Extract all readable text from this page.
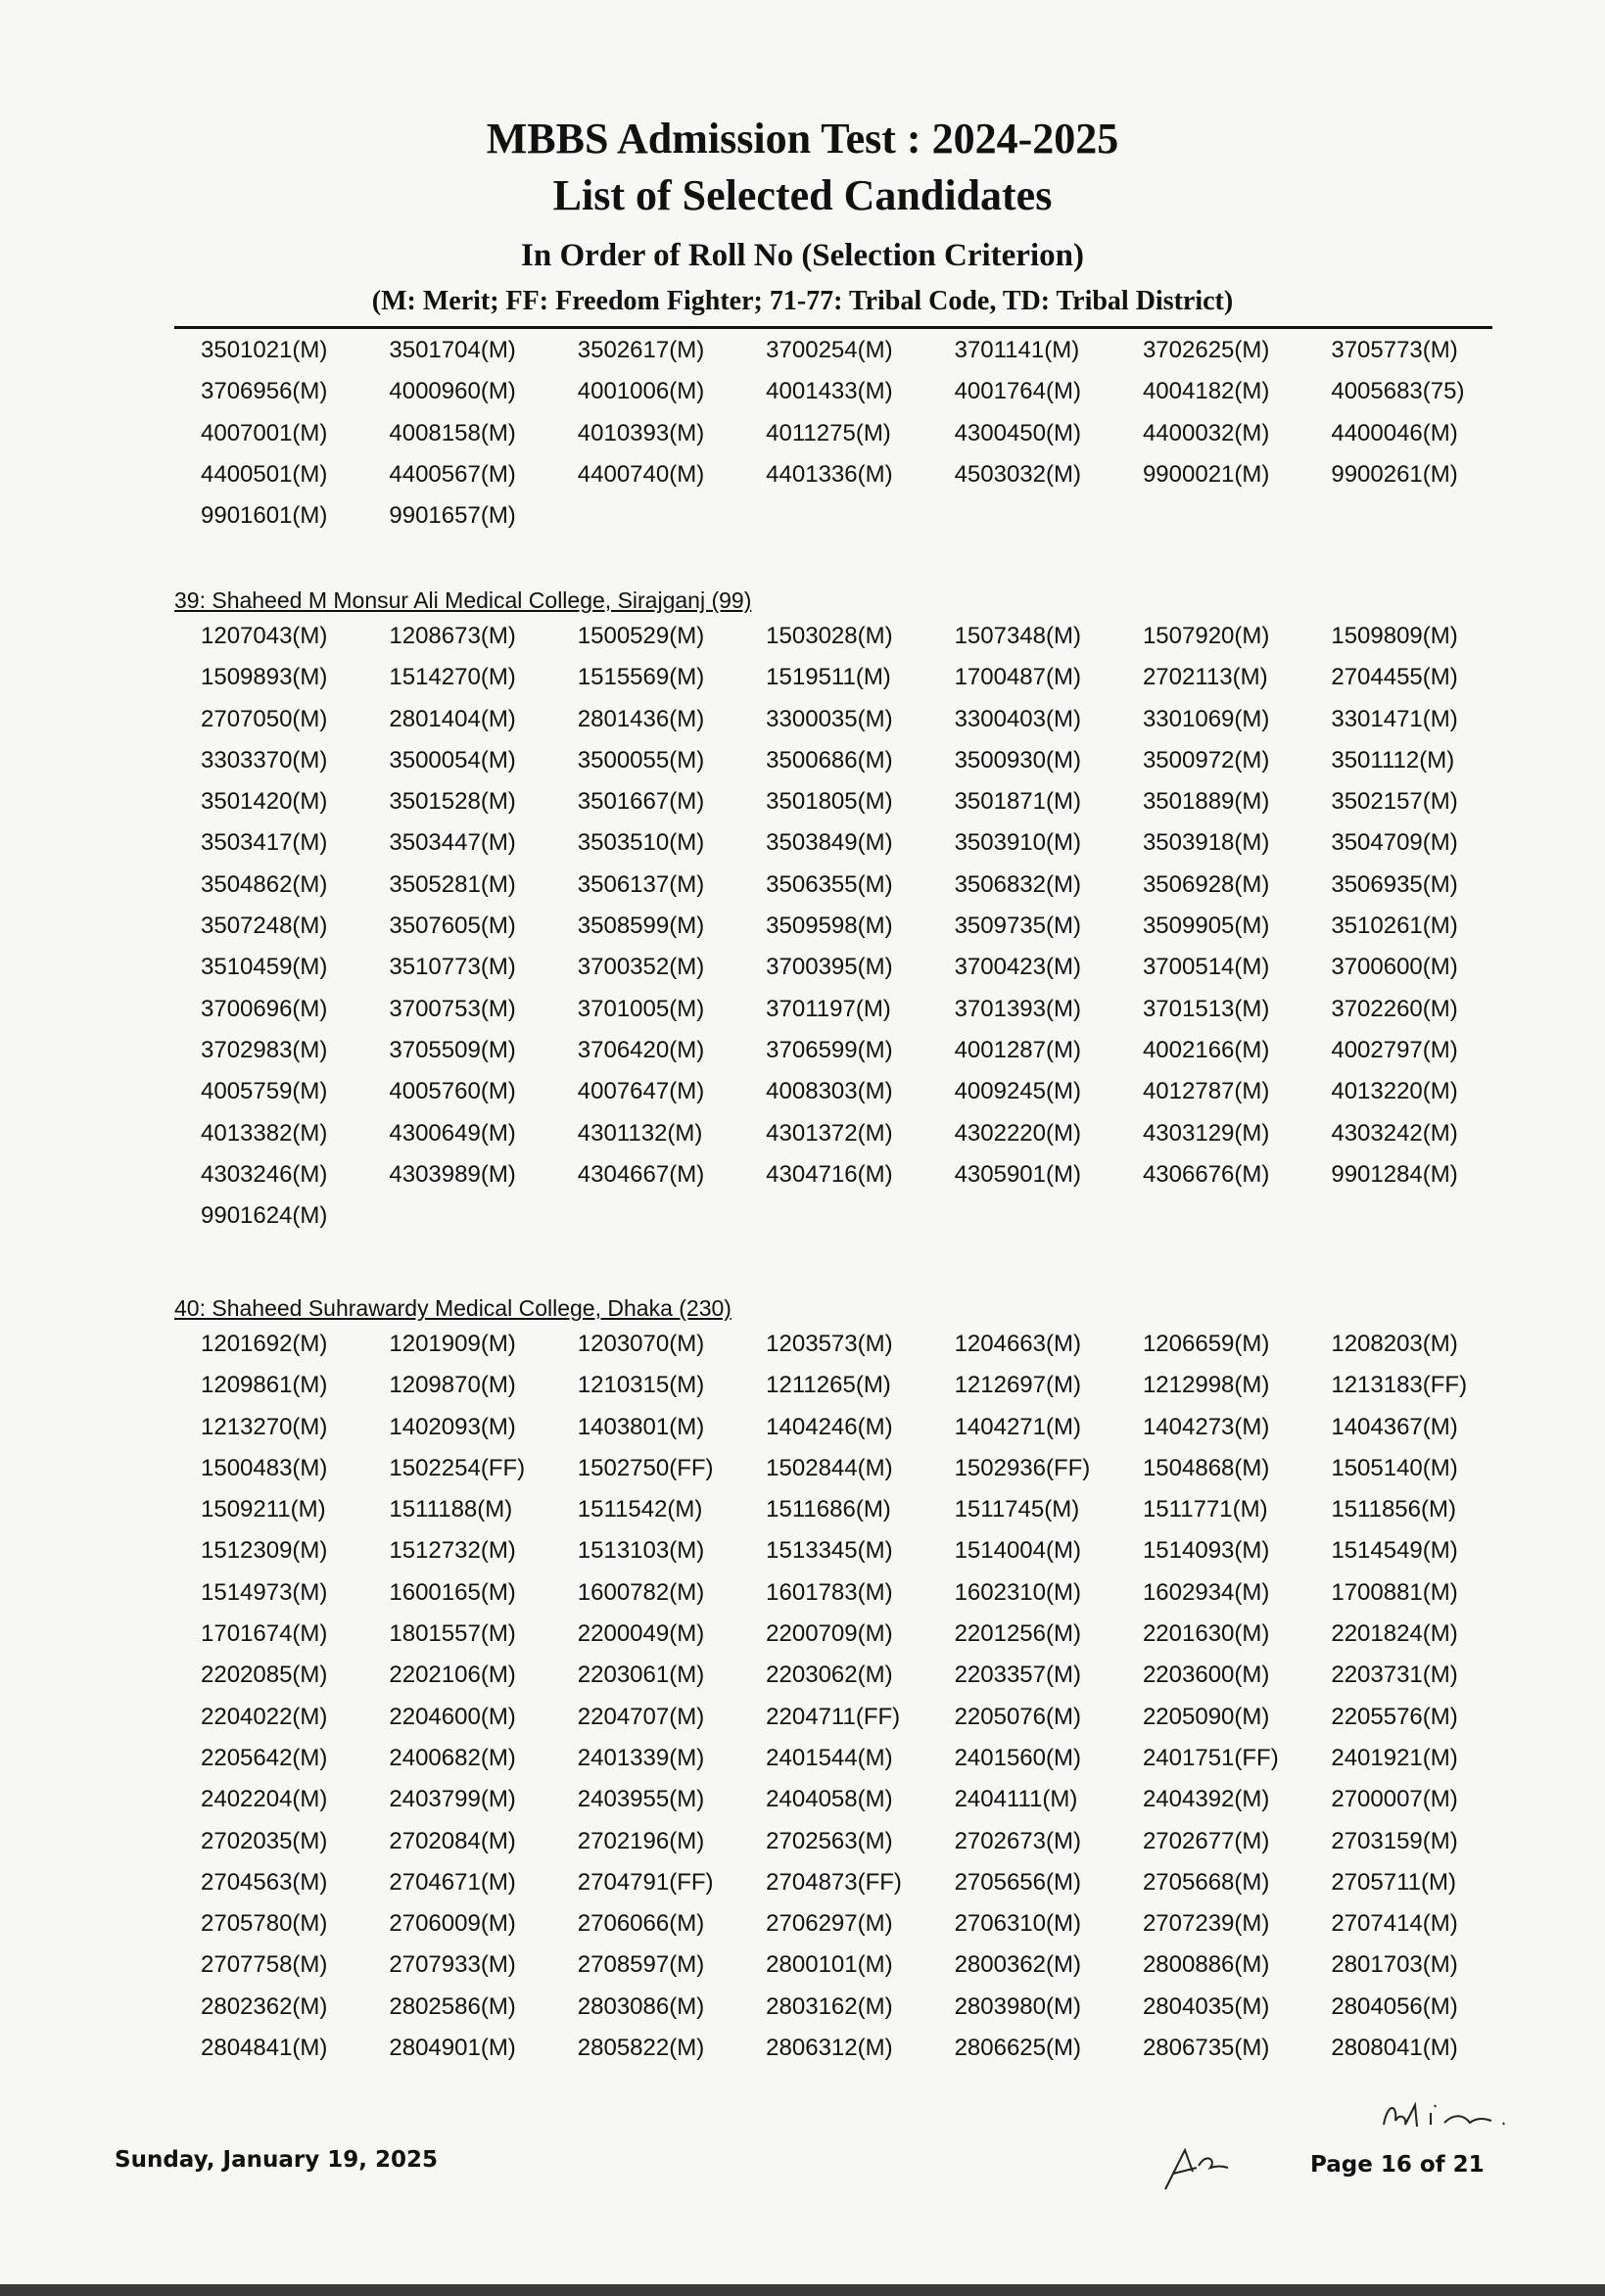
MBBS Admission Test : 2024-2025
List of Selected Candidates
In Order of Roll No (Selection Criterion)
(M: Merit; FF: Freedom Fighter; 71-77: Tribal Code, TD: Tribal District)
3501021(M)	3501704(M)	3502617(M)	3700254(M)	3701141(M)	3702625(M)	3705773(M)
3706956(M)	4000960(M)	4001006(M)	4001433(M)	4001764(M)	4004182(M)	4005683(75)
4007001(M)	4008158(M)	4010393(M)	4011275(M)	4300450(M)	4400032(M)	4400046(M)
4400501(M)	4400567(M)	4400740(M)	4401336(M)	4503032(M)	9900021(M)	9900261(M)
9901601(M)	9901657(M)
39: Shaheed M Monsur Ali Medical College, Sirajganj (99)
1207043(M)	1208673(M)	1500529(M)	1503028(M)	1507348(M)	1507920(M)	1509809(M)
1509893(M)	1514270(M)	1515569(M)	1519511(M)	1700487(M)	2702113(M)	2704455(M)
2707050(M)	2801404(M)	2801436(M)	3300035(M)	3300403(M)	3301069(M)	3301471(M)
3303370(M)	3500054(M)	3500055(M)	3500686(M)	3500930(M)	3500972(M)	3501112(M)
3501420(M)	3501528(M)	3501667(M)	3501805(M)	3501871(M)	3501889(M)	3502157(M)
3503417(M)	3503447(M)	3503510(M)	3503849(M)	3503910(M)	3503918(M)	3504709(M)
3504862(M)	3505281(M)	3506137(M)	3506355(M)	3506832(M)	3506928(M)	3506935(M)
3507248(M)	3507605(M)	3508599(M)	3509598(M)	3509735(M)	3509905(M)	3510261(M)
3510459(M)	3510773(M)	3700352(M)	3700395(M)	3700423(M)	3700514(M)	3700600(M)
3700696(M)	3700753(M)	3701005(M)	3701197(M)	3701393(M)	3701513(M)	3702260(M)
3702983(M)	3705509(M)	3706420(M)	3706599(M)	4001287(M)	4002166(M)	4002797(M)
4005759(M)	4005760(M)	4007647(M)	4008303(M)	4009245(M)	4012787(M)	4013220(M)
4013382(M)	4300649(M)	4301132(M)	4301372(M)	4302220(M)	4303129(M)	4303242(M)
4303246(M)	4303989(M)	4304667(M)	4304716(M)	4305901(M)	4306676(M)	9901284(M)
9901624(M)
40: Shaheed Suhrawardy Medical College, Dhaka (230)
1201692(M)	1201909(M)	1203070(M)	1203573(M)	1204663(M)	1206659(M)	1208203(M)
1209861(M)	1209870(M)	1210315(M)	1211265(M)	1212697(M)	1212998(M)	1213183(FF)
1213270(M)	1402093(M)	1403801(M)	1404246(M)	1404271(M)	1404273(M)	1404367(M)
1500483(M)	1502254(FF)	1502750(FF)	1502844(M)	1502936(FF)	1504868(M)	1505140(M)
1509211(M)	1511188(M)	1511542(M)	1511686(M)	1511745(M)	1511771(M)	1511856(M)
1512309(M)	1512732(M)	1513103(M)	1513345(M)	1514004(M)	1514093(M)	1514549(M)
1514973(M)	1600165(M)	1600782(M)	1601783(M)	1602310(M)	1602934(M)	1700881(M)
1701674(M)	1801557(M)	2200049(M)	2200709(M)	2201256(M)	2201630(M)	2201824(M)
2202085(M)	2202106(M)	2203061(M)	2203062(M)	2203357(M)	2203600(M)	2203731(M)
2204022(M)	2204600(M)	2204707(M)	2204711(FF)	2205076(M)	2205090(M)	2205576(M)
2205642(M)	2400682(M)	2401339(M)	2401544(M)	2401560(M)	2401751(FF)	2401921(M)
2402204(M)	2403799(M)	2403955(M)	2404058(M)	2404111(M)	2404392(M)	2700007(M)
2702035(M)	2702084(M)	2702196(M)	2702563(M)	2702673(M)	2702677(M)	2703159(M)
2704563(M)	2704671(M)	2704791(FF)	2704873(FF)	2705656(M)	2705668(M)	2705711(M)
2705780(M)	2706009(M)	2706066(M)	2706297(M)	2706310(M)	2707239(M)	2707414(M)
2707758(M)	2707933(M)	2708597(M)	2800101(M)	2800362(M)	2800886(M)	2801703(M)
2802362(M)	2802586(M)	2803086(M)	2803162(M)	2803980(M)	2804035(M)	2804056(M)
2804841(M)	2804901(M)	2805822(M)	2806312(M)	2806625(M)	2806735(M)	2808041(M)
Sunday, January 19, 2025	Page 16 of 21
